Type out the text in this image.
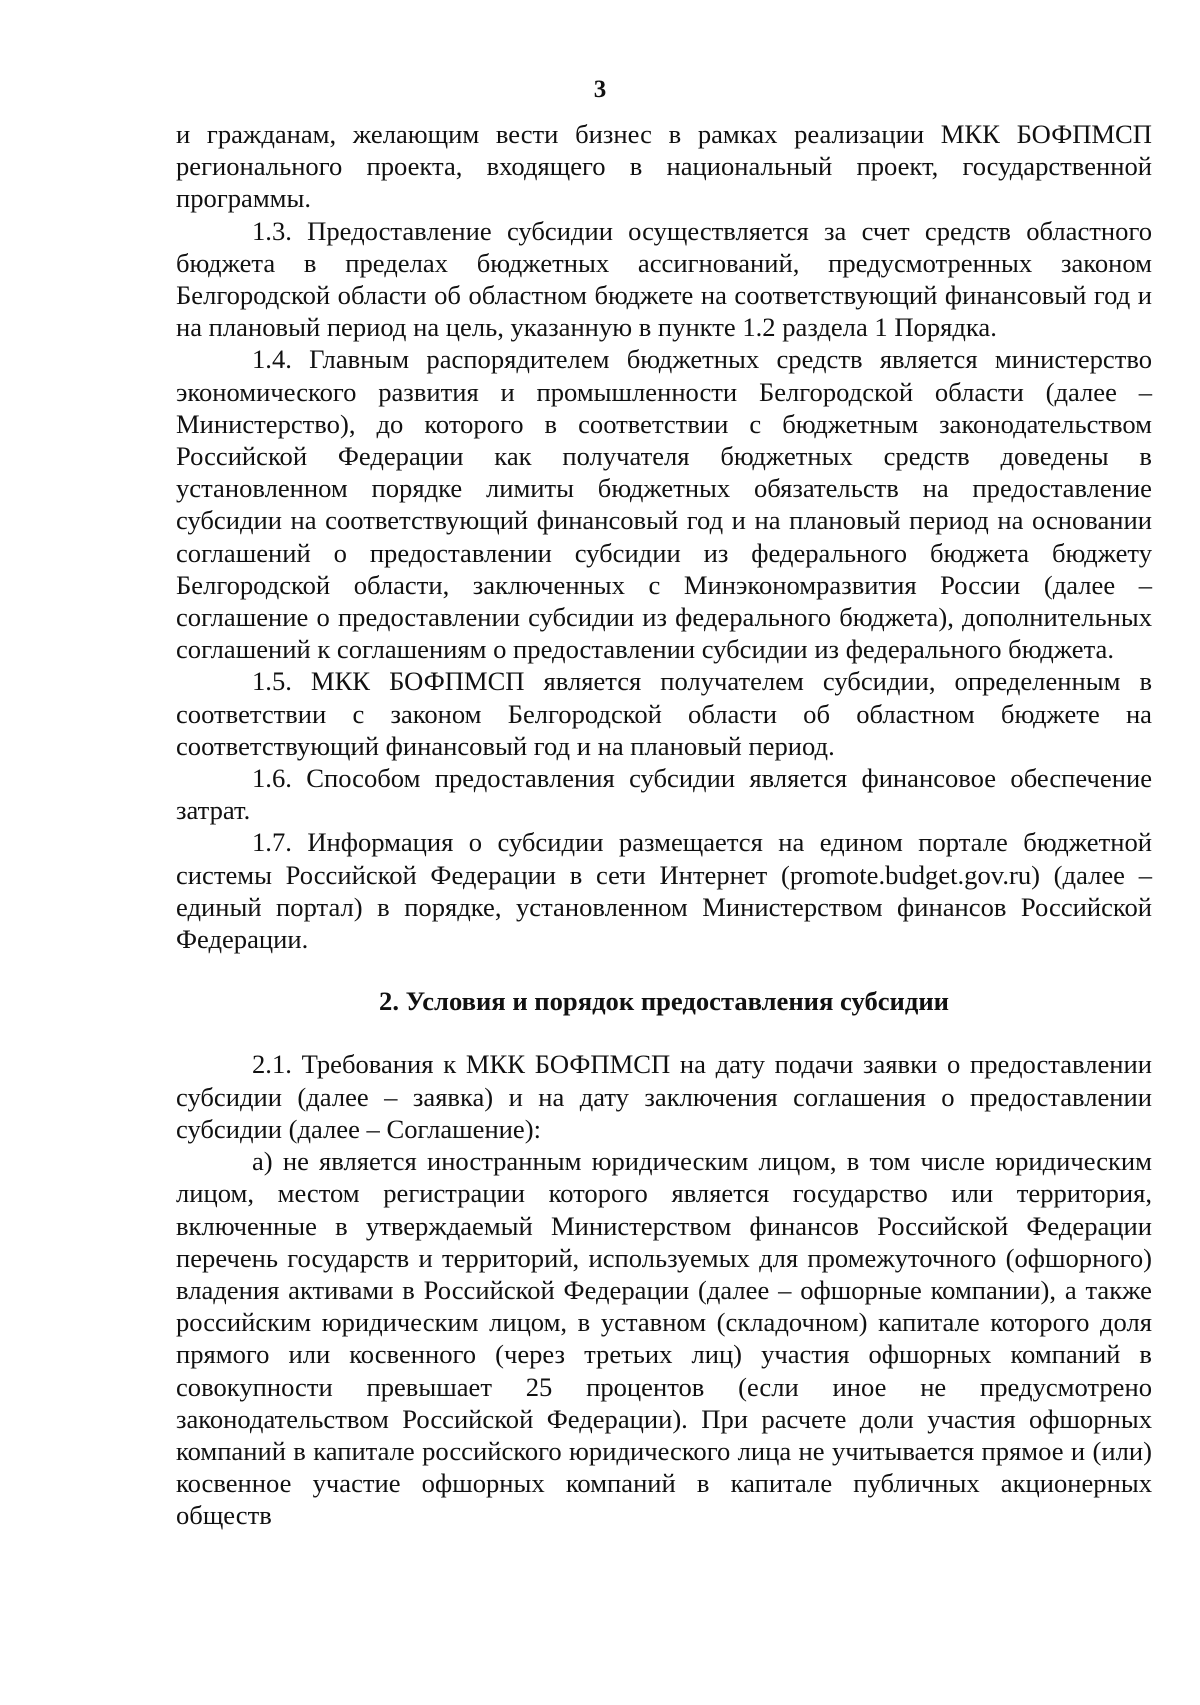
3

и гражданам, желающим вести бизнес в рамках реализации МКК БОФПМСП регионального проекта, входящего в национальный проект, государственной программы.

1.3. Предоставление субсидии осуществляется за счет средств областного бюджета в пределах бюджетных ассигнований, предусмотренных законом Белгородской области об областном бюджете на соответствующий финансовый год и на плановый период на цель, указанную в пункте 1.2 раздела 1 Порядка.

1.4. Главным распорядителем бюджетных средств является министерство экономического развития и промышленности Белгородской области (далее – Министерство), до которого в соответствии с бюджетным законодательством Российской Федерации как получателя бюджетных средств доведены в установленном порядке лимиты бюджетных обязательств на предоставление субсидии на соответствующий финансовый год и на плановый период на основании соглашений о предоставлении субсидии из федерального бюджета бюджету Белгородской области, заключенных с Минэкономразвития России (далее – соглашение о предоставлении субсидии из федерального бюджета), дополнительных соглашений к соглашениям о предоставлении субсидии из федерального бюджета.

1.5. МКК БОФПМСП является получателем субсидии, определенным в соответствии с законом Белгородской области об областном бюджете на соответствующий финансовый год и на плановый период.

1.6. Способом предоставления субсидии является финансовое обеспечение затрат.

1.7. Информация о субсидии размещается на едином портале бюджетной системы Российской Федерации в сети Интернет (promote.budget.gov.ru) (далее – единый портал) в порядке, установленном Министерством финансов Российской Федерации.

2. Условия и порядок предоставления субсидии

2.1. Требования к МКК БОФПМСП на дату подачи заявки о предоставлении субсидии (далее – заявка) и на дату заключения соглашения о предоставлении субсидии (далее – Соглашение):

а) не является иностранным юридическим лицом, в том числе юридическим лицом, местом регистрации которого является государство или территория, включенные в утверждаемый Министерством финансов Российской Федерации перечень государств и территорий, используемых для промежуточного (офшорного) владения активами в Российской Федерации (далее – офшорные компании), а также российским юридическим лицом, в уставном (складочном) капитале которого доля прямого или косвенного (через третьих лиц) участия офшорных компаний в совокупности превышает 25 процентов (если иное не предусмотрено законодательством Российской Федерации). При расчете доли участия офшорных компаний в капитале российского юридического лица не учитывается прямое и (или) косвенное участие офшорных компаний в капитале публичных акционерных обществ
